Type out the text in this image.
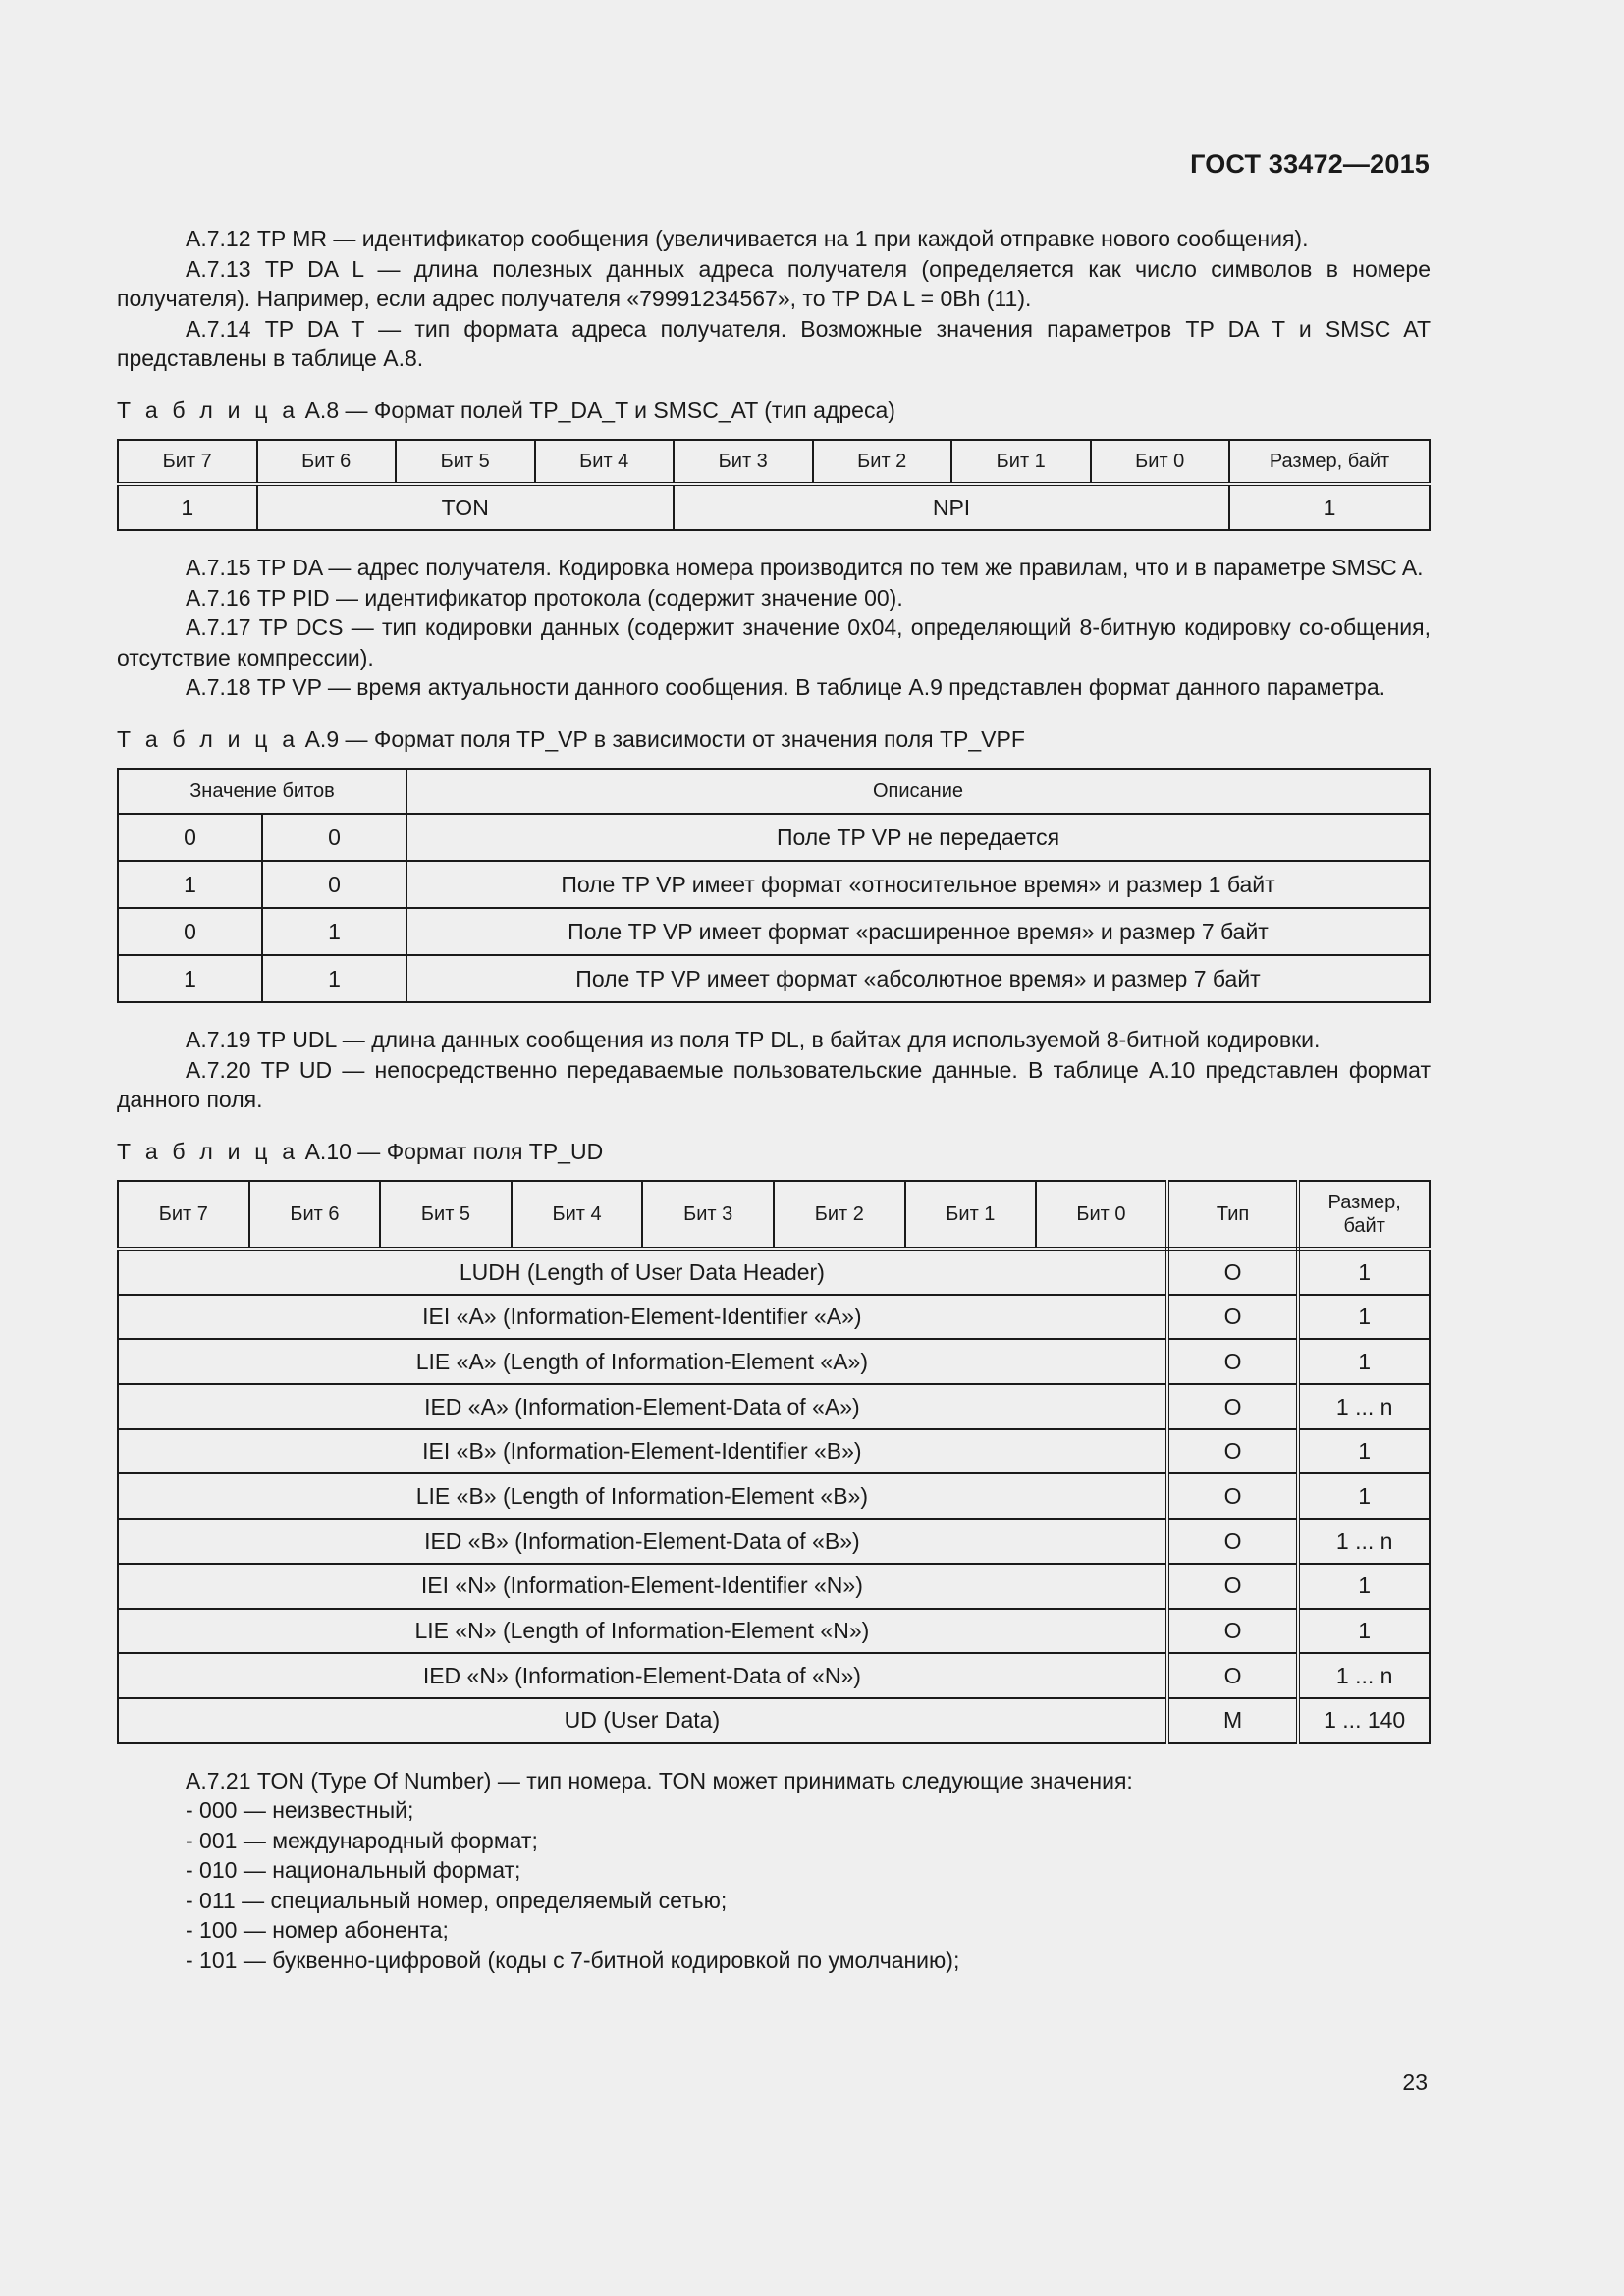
ГОСТ 33472—2015

А.7.12 TP MR — идентификатор сообщения (увеличивается на 1 при каждой отправке нового сообщения).

А.7.13 TP DA L — длина полезных данных адреса получателя (определяется как число символов в номере получателя). Например, если адрес получателя «79991234567», то TP DA L = 0Bh (11).

А.7.14 TP DA T — тип формата адреса получателя. Возможные значения параметров TP DA T и SMSC AT представлены в таблице А.8.

Т а б л и ц а А.8 — Формат полей TP_DA_T и SMSC_AT (тип адреса)

Бит 7	Бит 6	Бит 5	Бит 4	Бит 3	Бит 2	Бит 1	Бит 0	Размер, байт
1	TON			NPI				1

А.7.15 TP DA — адрес получателя. Кодировка номера производится по тем же правилам, что и в параметре SMSC A.

А.7.16 TP PID — идентификатор протокола (содержит значение 00).

А.7.17 TP DCS — тип кодировки данных (содержит значение 0x04, определяющий 8-битную кодировку со-общения, отсутствие компрессии).

А.7.18 TP VP — время актуальности данного сообщения. В таблице А.9 представлен формат данного параметра.

Т а б л и ц а А.9 — Формат поля TP_VP в зависимости от значения поля TP_VPF

Значение битов		Описание
0	0	Поле TP VP не передается
1	0	Поле TP VP имеет формат «относительное время» и размер 1 байт
0	1	Поле TP VP имеет формат «расширенное время» и размер 7 байт
1	1	Поле TP VP имеет формат «абсолютное время» и размер 7 байт

А.7.19 TP UDL — длина данных сообщения из поля TP DL, в байтах для используемой 8-битной кодировки.

А.7.20 TP UD — непосредственно передаваемые пользовательские данные. В таблице А.10 представлен формат данного поля.

Т а б л и ц а А.10 — Формат поля TP_UD

Бит 7	Бит 6	Бит 5	Бит 4	Бит 3	Бит 2	Бит 1	Бит 0	Тип	Размер,
байт
LUDH (Length of User Data Header)								O	1
IEI «A» (Information-Element-Identifier «A»)								O	1
LIE «A» (Length of Information-Element «A»)								O	1
IED «A» (Information-Element-Data of «A»)								O	1 ... n
IEI «B» (Information-Element-Identifier «B»)								O	1
LIE «B» (Length of Information-Element «B»)								O	1
IED «B» (Information-Element-Data of «B»)								O	1 ... n
IEI «N» (Information-Element-Identifier «N»)								O	1
LIE «N» (Length of Information-Element «N»)								O	1
IED «N» (Information-Element-Data of «N»)								O	1 ... n
UD (User Data)								M	1 ... 140

А.7.21 TON (Type Of Number) — тип номера. TON может принимать следующие значения:

- 000 — неизвестный;

- 001 — международный формат;

- 010 — национальный формат;

- 011 — специальный номер, определяемый сетью;

- 100 — номер абонента;

- 101 — буквенно-цифровой (коды с 7-битной кодировкой по умолчанию);

23
